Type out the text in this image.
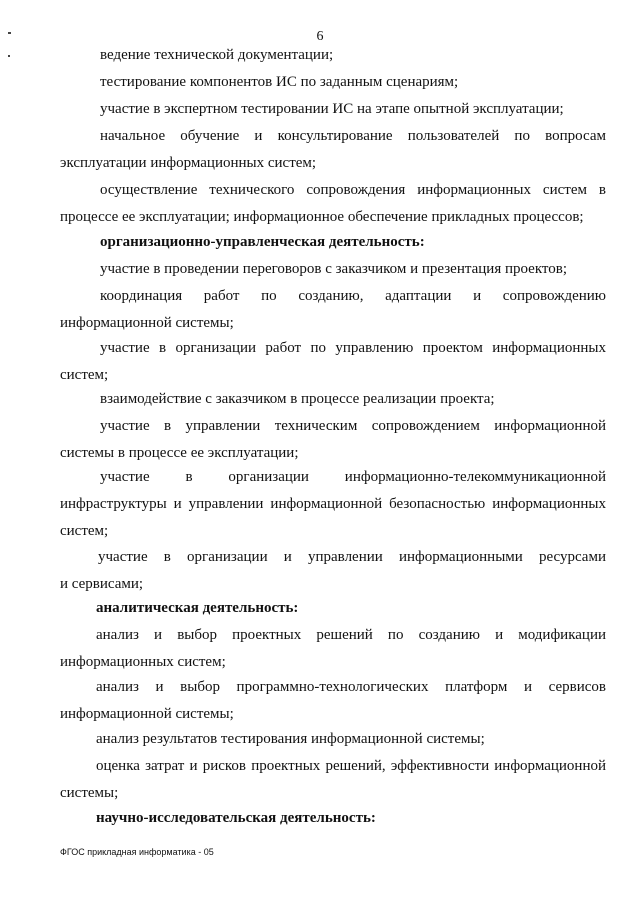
6
ведение технической документации;
тестирование компонентов ИС по заданным сценариям;
участие в экспертном тестировании ИС на этапе опытной эксплуатации;
начальное обучение и консультирование пользователей по вопросам
эксплуатации информационных систем;
осуществление технического сопровождения информационных систем в
процессе ее эксплуатации; информационное обеспечение прикладных процессов;
организационно-управленческая деятельность:
участие в проведении переговоров с заказчиком и презентация проектов;
координация работ по созданию, адаптации и сопровождению
информационной системы;
участие в организации работ по управлению проектом информационных
систем;
взаимодействие с заказчиком в процессе реализации проекта;
участие в управлении техническим сопровождением информационной
системы в процессе ее эксплуатации;
участие в организации информационно-телекоммуникационной
инфраструктуры и управлении информационной безопасностью информационных
систем;
участие в организации и управлении информационными ресурсами
и сервисами;
аналитическая деятельность:
анализ и выбор проектных решений по созданию и модификации
информационных систем;
анализ и выбор программно-технологических платформ и сервисов
информационной системы;
анализ результатов тестирования информационной системы;
оценка затрат и рисков проектных решений, эффективности информационной
системы;
научно-исследовательская деятельность:
ФГОС прикладная информатика - 05
